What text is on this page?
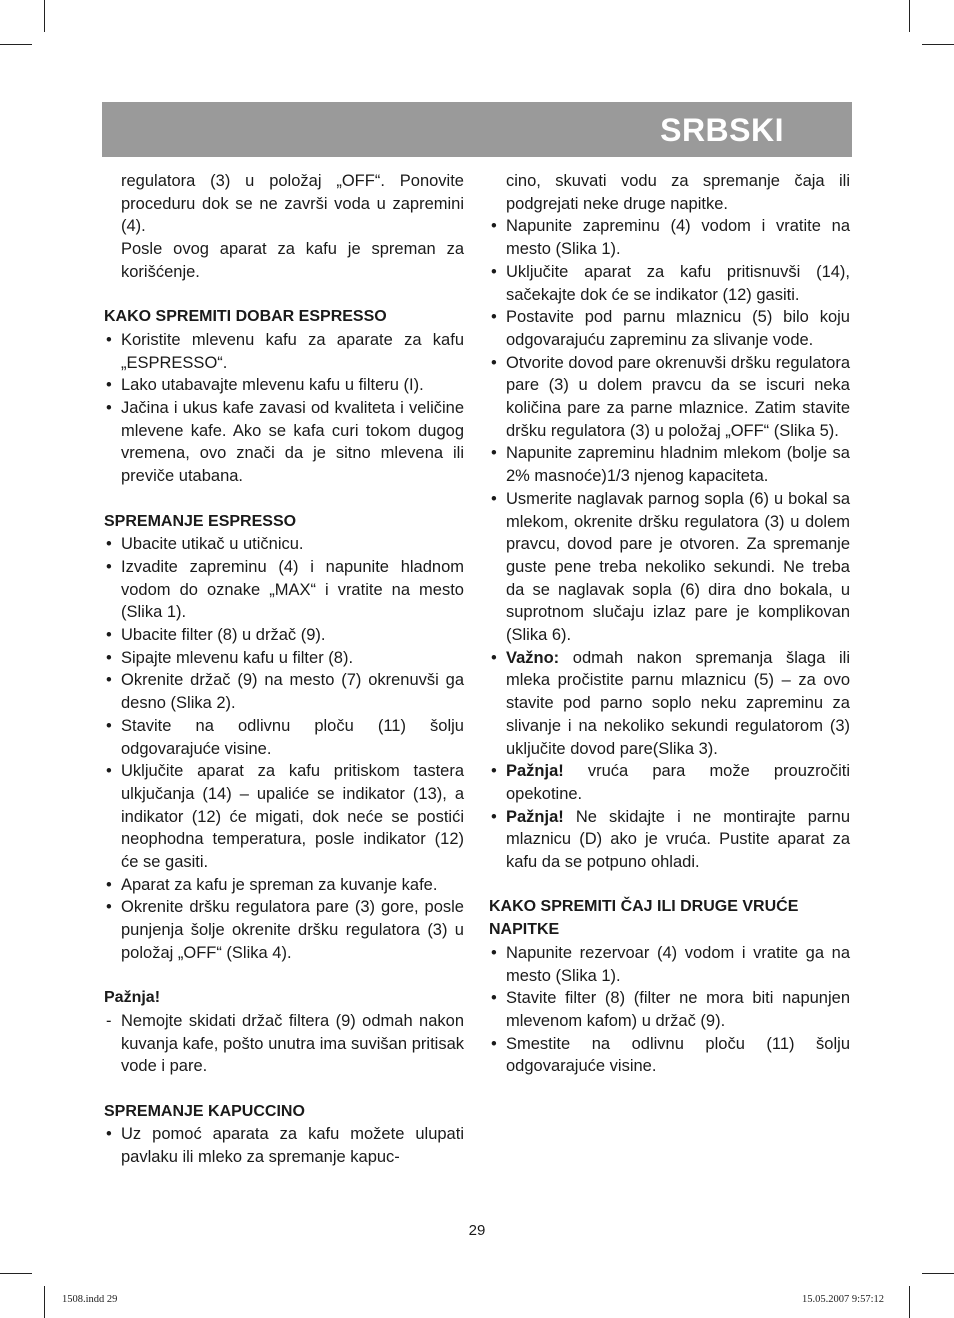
SRBSKI

regulatora (3) u položaj „OFF“. Ponovite proceduru dok se ne završi voda u zapremini (4).

Posle ovog aparat za kafu je spreman za korišćenje.

KAKO SPREMITI DOBAR ESPRESSO

• Koristite mlevenu kafu za aparate za kafu „ESPRESSO“.
• Lako utabavajte mlevenu kafu u filteru (I).
• Jačina i ukus kafe zavasi od kvaliteta i veličine mlevene kafe. Ako se kafa curi tokom dugog vremena, ovo znači da je sitno mlevena ili previče utabana.

SPREMANJE ESPRESSO

• Ubacite utikač u utičnicu.
• Izvadite zapreminu (4) i napunite hladnom vodom do oznake „MAX“ i vratite na mesto (Slika 1).
• Ubacite filter (8) u držač (9).
• Sipajte mlevenu kafu u filter (8).
• Okrenite držač (9) na mesto (7) okrenuvši ga desno (Slika 2).
• Stavite na odlivnu ploču (11) šolju odgovarajuće visine.
• Uključite aparat za kafu pritiskom tastera ulkjučanja (14) – upaliće se indikator (13), a indikator (12) će migati, dok neće se postići neophodna temperatura, posle indikator (12) će se gasiti.
• Aparat za kafu je spreman za kuvanje kafe.
• Okrenite dršku regulatora pare (3) gore, posle punjenja šolje okrenite dršku regulatora (3) u položaj „OFF“ (Slika 4).

Pažnja!

- Nemojte skidati držač filtera (9) odmah nakon kuvanja kafe, pošto unutra ima suvišan pritisak vode i pare.

SPREMANJE KAPUCCINO

• Uz pomoć aparata za kafu možete ulupati pavlaku ili mleko za spremanje kapuc-

cino, skuvati vodu za spremanje čaja ili podgrejati neke druge napitke.

• Napunite zapreminu (4) vodom i vratite na mesto (Slika 1).
• Uključite aparat za kafu pritisnuvši (14), sačekajte dok će se indikator (12) gasiti.
• Postavite pod parnu mlaznicu (5) bilo koju odgovarajuću zapreminu za slivanje vode.
• Otvorite dovod pare okrenuvši dršku regulatora pare (3) u dolem pravcu da se iscuri neka količina pare za parne mlaznice. Zatim stavite dršku regulatora (3) u položaj „OFF“ (Slika 5).
• Napunite zapreminu hladnim mlekom (bolje sa 2% masnoće)1/3 njenog kapaciteta.
• Usmerite naglavak parnog sopla (6) u bokal sa mlekom, okrenite dršku regulatora (3) u dolem pravcu, dovod pare je otvoren. Za spremanje guste pene treba nekoliko sekundi. Ne treba da se naglavak sopla (6) dira dno bokala, u suprotnom slučaju izlaz pare je komplikovan (Slika 6).
• Važno: odmah nakon spremanja šlaga ili mleka pročistite parnu mlaznicu (5) – za ovo stavite pod parno soplo neku zapreminu za slivanje i na nekoliko sekundi regulatorom (3) uključite dovod pare(Slika 3).
• Pažnja! vruća para može prouzročiti opekotine.
• Pažnja! Ne skidajte i ne montirajte parnu mlaznicu (D) ako je vruća. Pustite aparat za kafu da se potpuno ohladi.

KAKO SPREMITI ČAJ ILI DRUGE VRUĆE NAPITKE

• Napunite rezervoar (4) vodom i vratite ga na mesto (Slika 1).
• Stavite filter (8) (filter ne mora biti napunjen mlevenom kafom) u držač (9).
• Smestite na odlivnu ploču (11) šolju odgovarajuće visine.
29
1508.indd 29	15.05.2007 9:57:12
